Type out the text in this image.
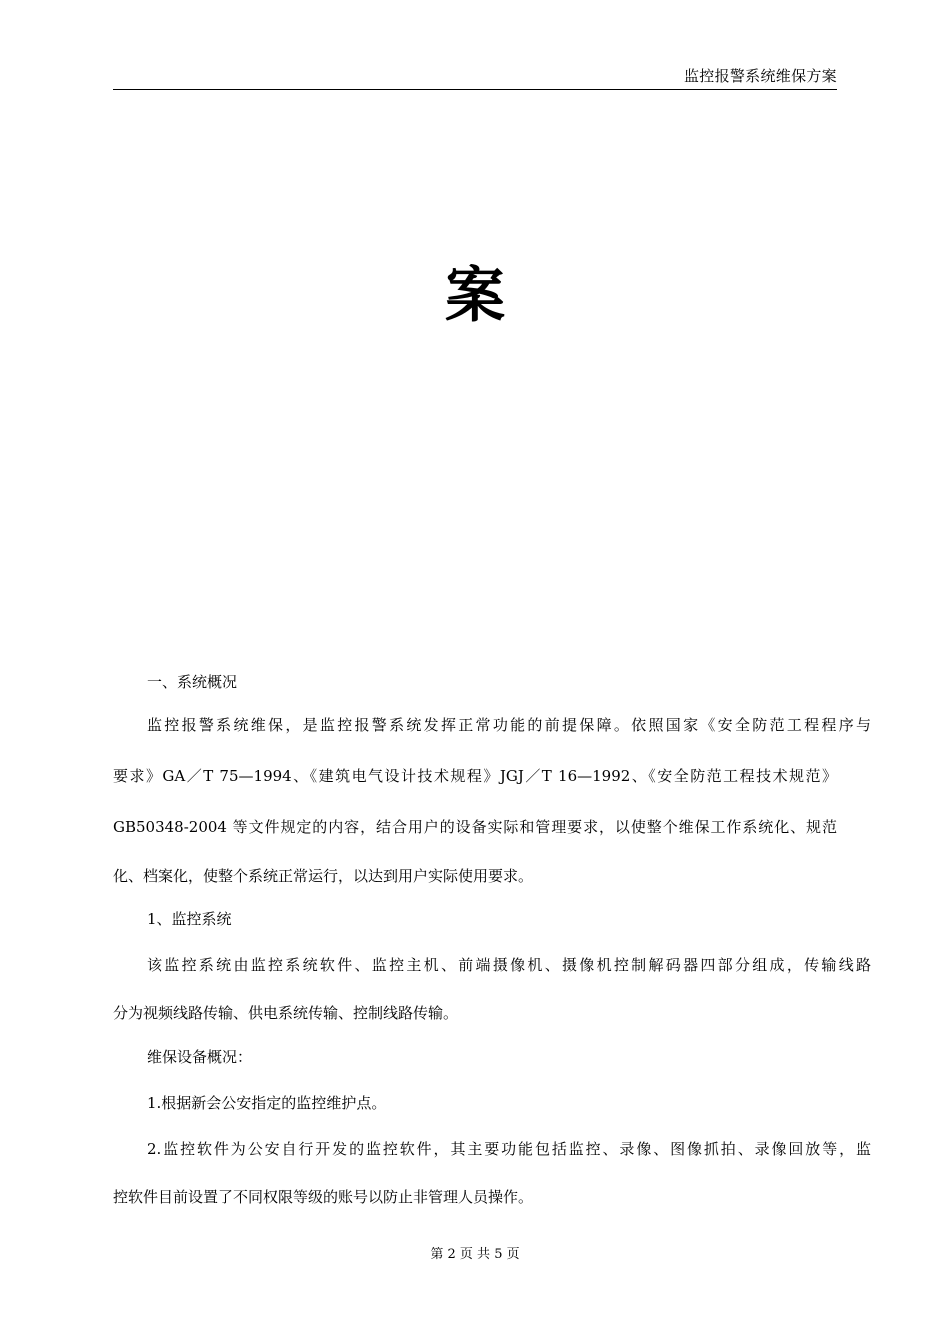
监控报警系统维保方案
案
一、系统概况
监控报警系统维保，是监控报警系统发挥正常功能的前提保障。依照国家《安全防范工程程序与
要求》GA／T 75—1994、《建筑电气设计技术规程》JGJ／T 16—1992、《安全防范工程技术规范》
GB50348-2004 等文件规定的内容，结合用户的设备实际和管理要求，以使整个维保工作系统化、规范
化、档案化，使整个系统正常运行，以达到用户实际使用要求。
1、监控系统
该监控系统由监控系统软件、监控主机、前端摄像机、摄像机控制解码器四部分组成，传输线路
分为视频线路传输、供电系统传输、控制线路传输。
维保设备概况：
1.根据新会公安指定的监控维护点。
2.监控软件为公安自行开发的监控软件，其主要功能包括监控、录像、图像抓拍、录像回放等，监
控软件目前设置了不同权限等级的账号以防止非管理人员操作。
第 2 页 共 5 页
